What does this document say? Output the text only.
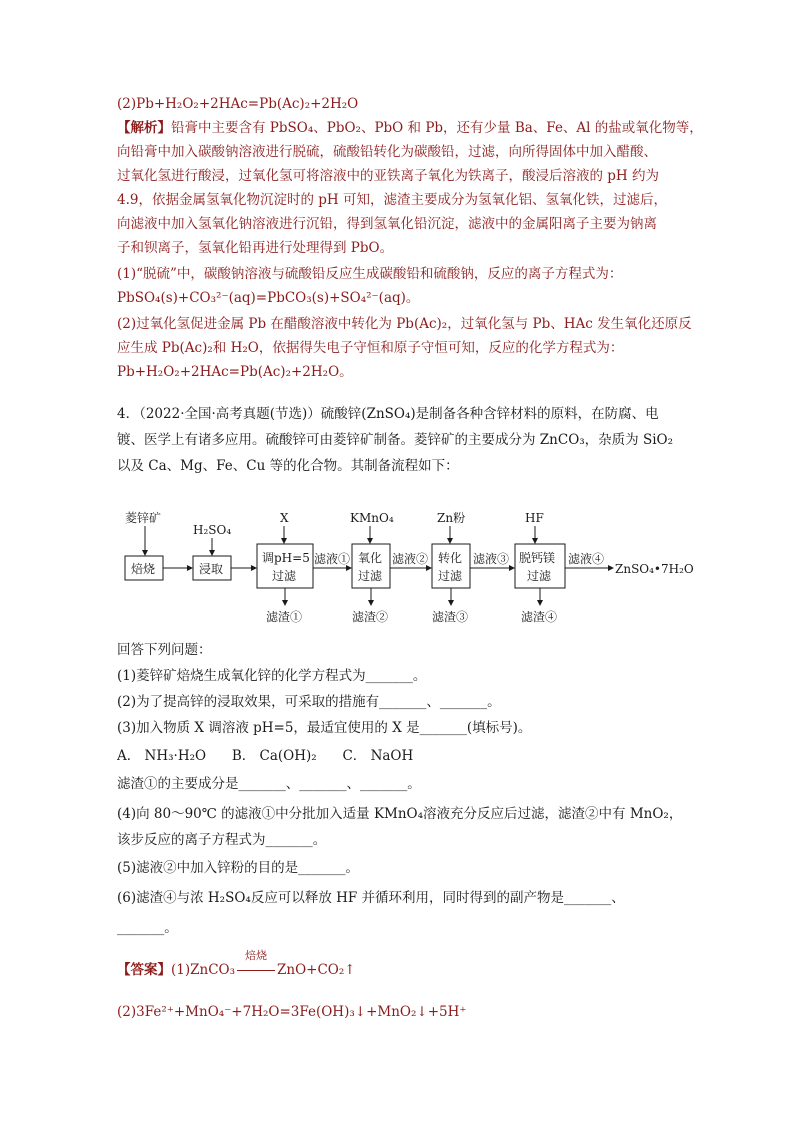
(2)Pb+H₂O₂+2HAc=Pb(Ac)₂+2H₂O
【解析】铅膏中主要含有 PbSO₄、PbO₂、PbO 和 Pb，还有少量 Ba、Fe、Al 的盐或氧化物等，
向铅膏中加入碳酸钠溶液进行脱硫，硫酸铅转化为碳酸铅，过滤，向所得固体中加入醋酸、
过氧化氢进行酸浸，过氧化氢可将溶液中的亚铁离子氧化为铁离子，酸浸后溶液的 pH 约为
4.9，依据金属氢氧化物沉淀时的 pH 可知，滤渣主要成分为氢氧化铝、氢氧化铁，过滤后，
向滤液中加入氢氧化钠溶液进行沉铅，得到氢氧化铅沉淀，滤液中的金属阳离子主要为钠离
子和钡离子，氢氧化铅再进行处理得到 PbO。
(1)“脱硫”中，碳酸钠溶液与硫酸铅反应生成碳酸铅和硫酸钠，反应的离子方程式为：
PbSO₄(s)+CO₃²⁻(aq)=PbCO₃(s)+SO₄²⁻(aq)。
(2)过氧化氢促进金属 Pb 在醋酸溶液中转化为 Pb(Ac)₂，过氧化氢与 Pb、HAc 发生氧化还原反
应生成 Pb(Ac)₂和 H₂O，依据得失电子守恒和原子守恒可知，反应的化学方程式为：
Pb+H₂O₂+2HAc=Pb(Ac)₂+2H₂O。
4．（2022·全国·高考真题(节选)）硫酸锌(ZnSO₄)是制备各种含锌材料的原料，在防腐、电
镀、医学上有诸多应用。硫酸锌可由菱锌矿制备。菱锌矿的主要成分为 ZnCO₃，杂质为 SiO₂
以及 Ca、Mg、Fe、Cu 等的化合物。其制备流程如下：
菱锌矿
H₂SO₄
X	KMnO₄	Zn粉	HF
焙烧	浸取
调pH=5
过滤
氧化
过滤
转化
过滤
脱钙镁
过滤
滤液①	滤液②	滤液③	滤液④
ZnSO₄•7H₂O
滤渣①	滤渣②	滤渣③	滤渣④
回答下列问题：
(1)菱锌矿焙烧生成氧化锌的化学方程式为_______。
(2)为了提高锌的浸取效果，可采取的措施有_______、_______。
(3)加入物质 X 调溶液 pH=5，最适宜使用的 X 是_______(填标号)。
A． NH₃·H₂O      B． Ca(OH)₂      C． NaOH
滤渣①的主要成分是_______、_______、_______。
(4)向 80～90℃ 的滤液①中分批加入适量 KMnO₄溶液充分反应后过滤，滤渣②中有 MnO₂，
该步反应的离子方程式为_______。
(5)滤液②中加入锌粉的目的是_______。
(6)滤渣④与浓 H₂SO₄反应可以释放 HF 并循环利用，同时得到的副产物是_______、
_______。
【答案】(1)ZnCO₃
焙烧
ZnO+CO₂↑
(2)3Fe²⁺+MnO₄⁻+7H₂O=3Fe(OH)₃↓+MnO₂↓+5H⁺
